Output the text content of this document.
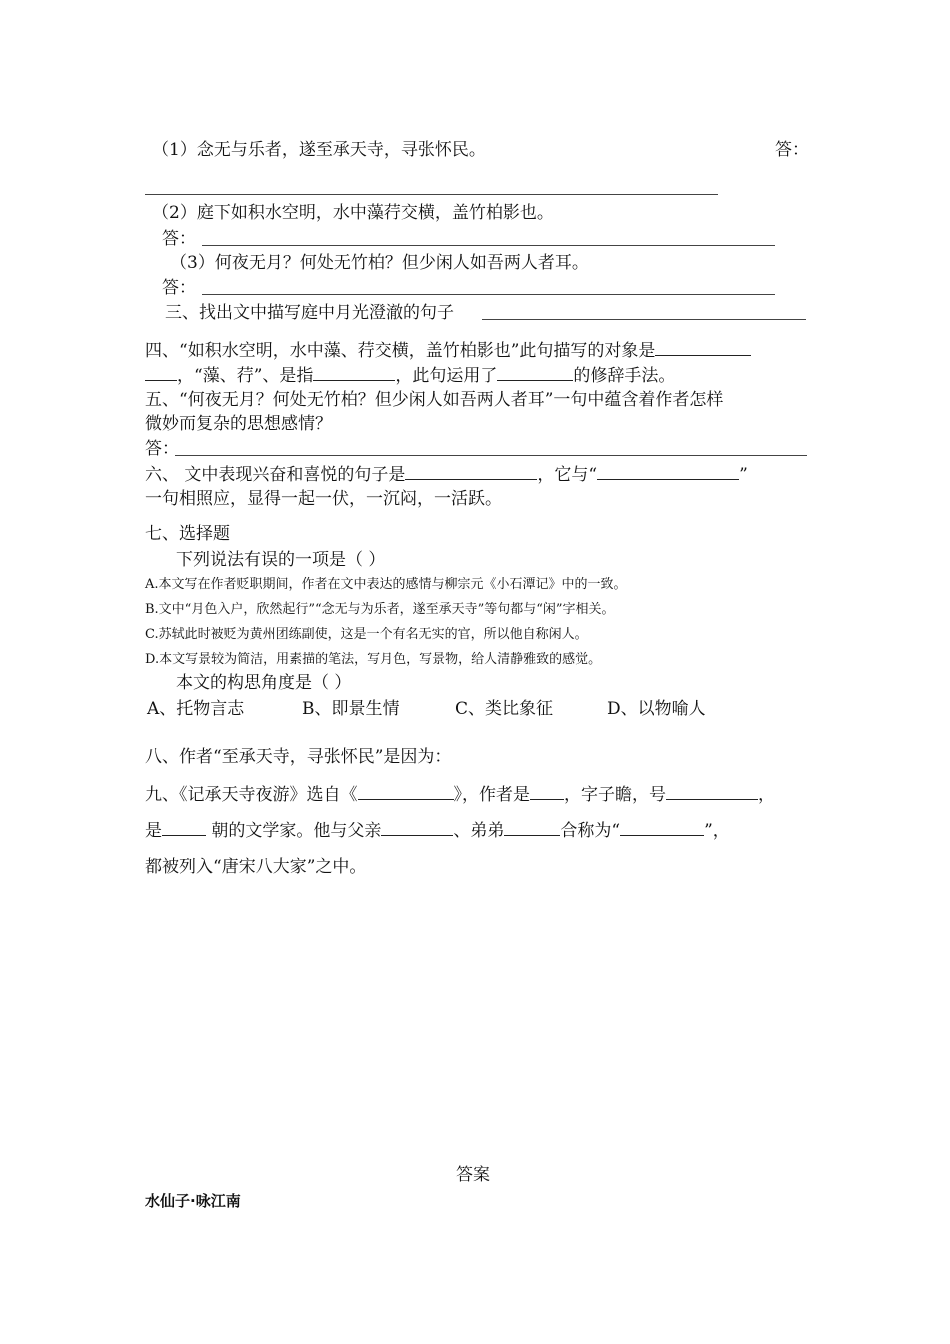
（1）念无与乐者，遂至承天寺，寻张怀民。	答：
（2）庭下如积水空明，水中藻荇交横，盖竹柏影也。
答：
（3）何夜无月？何处无竹柏？但少闲人如吾两人者耳。
答：
三、找出文中描写庭中月光澄澈的句子
四、“如积水空明，水中藻、荇交横，盖竹柏影也”此句描写的对象是
，“藻、荇”、是指	，此句运用了	的修辞手法。
五、“何夜无月？何处无竹柏？但少闲人如吾两人者耳”一句中蕴含着作者怎样
微妙而复杂的思想感情？
答：
六、 文中表现兴奋和喜悦的句子是	，它与“	”
一句相照应，显得一起一伏，一沉闷，一活跃。
七、选择题
下列说法有误的一项是（ ）
A.本文写在作者贬职期间，作者在文中表达的感情与柳宗元《小石潭记》中的一致。
B.文中“月色入户，欣然起行”“念无与为乐者，遂至承天寺”等句都与“闲”字相关。
C.苏轼此时被贬为黄州团练副使，这是一个有名无实的官，所以他自称闲人。
D.本文写景较为简洁，用素描的笔法，写月色，写景物，给人清静雅致的感觉。
本文的构思角度是（ ）
A、托物言志	B、即景生情	C、类比象征	D、以物喻人
八、作者“至承天寺，寻张怀民”是因为：
九、《记承天寺夜游》选自《	》，作者是 ，字子瞻，号	，
是	朝的文学家。他与父亲	、弟弟	合称为“	”，
都被列入“唐宋八大家”之中。
答案
水仙子·咏江南
